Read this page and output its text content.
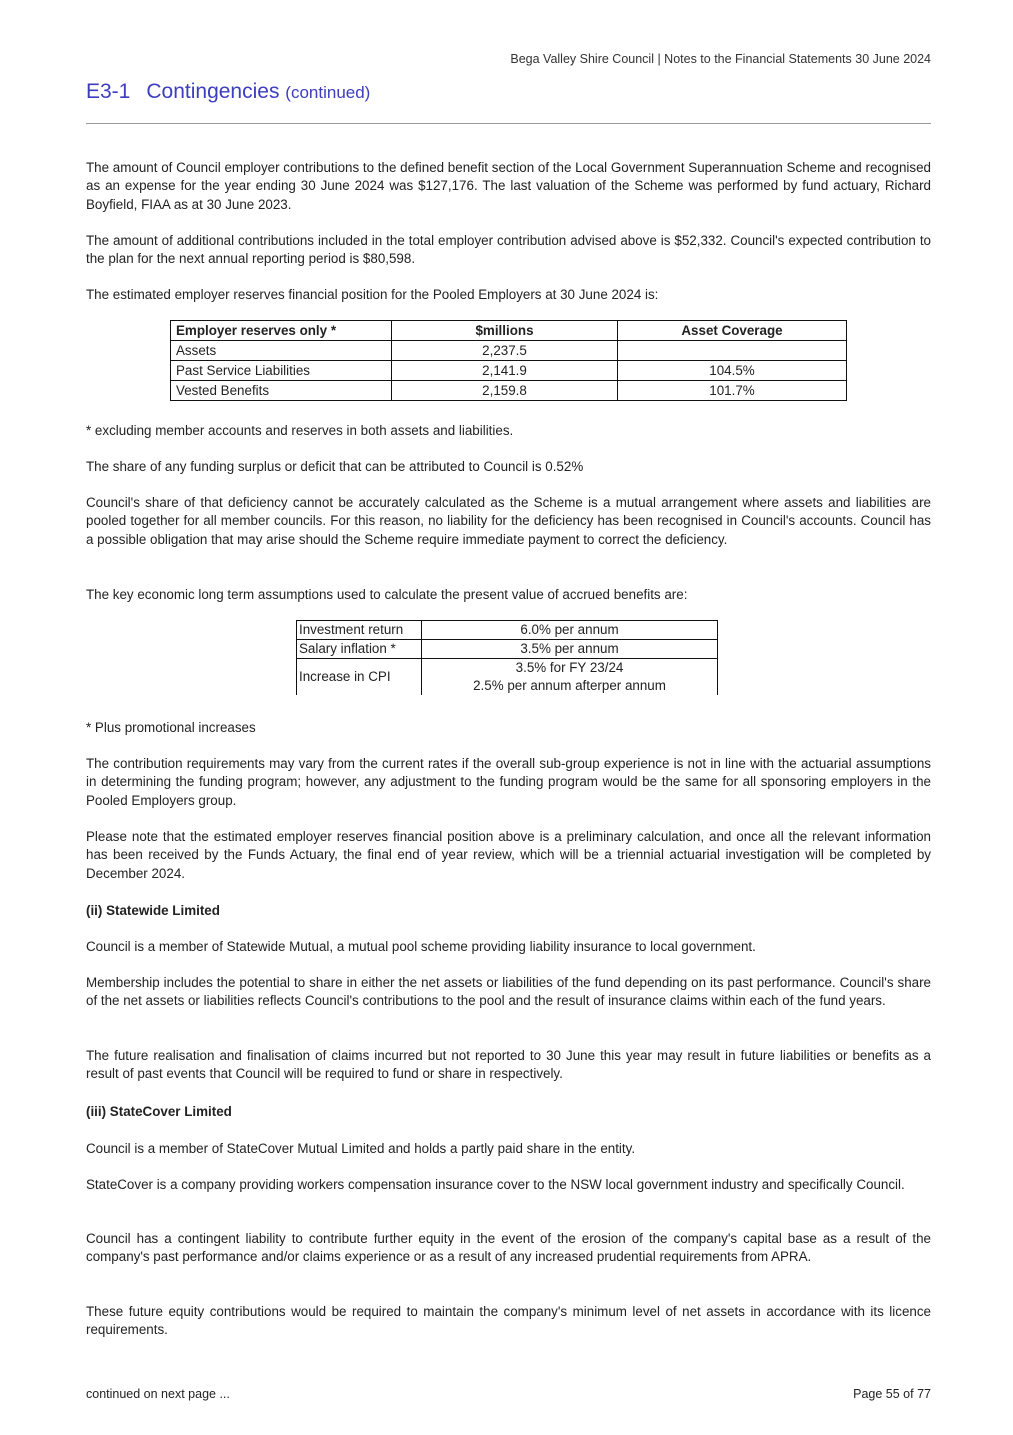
Bega Valley Shire Council | Notes to the Financial Statements 30 June 2024
E3-1 Contingencies (continued)
The amount of Council employer contributions to the defined benefit section of the Local Government Superannuation Scheme and recognised as an expense for the year ending 30 June 2024 was $127,176. The last valuation of the Scheme was performed by fund actuary, Richard Boyfield, FIAA as at 30 June 2023.
The amount of additional contributions included in the total employer contribution advised above is $52,332. Council's expected contribution to the plan for the next annual reporting period is $80,598.
The estimated employer reserves financial position for the Pooled Employers at 30 June 2024 is:
Employer reserves only *	$millions	Asset Coverage
Assets	2,237.5	
Past Service Liabilities	2,141.9	104.5%
Vested Benefits	2,159.8	101.7%
* excluding member accounts and reserves in both assets and liabilities.
The share of any funding surplus or deficit that can be attributed to Council is 0.52%
Council's share of that deficiency cannot be accurately calculated as the Scheme is a mutual arrangement where assets and liabilities are pooled together for all member councils. For this reason, no liability for the deficiency has been recognised in Council's accounts. Council has a possible obligation that may arise should the Scheme require immediate payment to correct the deficiency.
The key economic long term assumptions used to calculate the present value of accrued benefits are:
Investment return	6.0% per annum
Salary inflation *	3.5% per annum
Increase in CPI	3.5% for FY 23/24
2.5% per annum afterper annum
* Plus promotional increases
The contribution requirements may vary from the current rates if the overall sub-group experience is not in line with the actuarial assumptions in determining the funding program; however, any adjustment to the funding program would be the same for all sponsoring employers in the Pooled Employers group.
Please note that the estimated employer reserves financial position above is a preliminary calculation, and once all the relevant information has been received by the Funds Actuary, the final end of year review, which will be a triennial actuarial investigation will be completed by December 2024.
(ii) Statewide Limited
Council is a member of Statewide Mutual, a mutual pool scheme providing liability insurance to local government.
Membership includes the potential to share in either the net assets or liabilities of the fund depending on its past performance. Council's share of the net assets or liabilities reflects Council's contributions to the pool and the result of insurance claims within each of the fund years.
The future realisation and finalisation of claims incurred but not reported to 30 June this year may result in future liabilities or benefits as a result of past events that Council will be required to fund or share in respectively.
(iii) StateCover Limited
Council is a member of StateCover Mutual Limited and holds a partly paid share in the entity.
StateCover is a company providing workers compensation insurance cover to the NSW local government industry and specifically Council.
Council has a contingent liability to contribute further equity in the event of the erosion of the company's capital base as a result of the company's past performance and/or claims experience or as a result of any increased prudential requirements from APRA.
These future equity contributions would be required to maintain the company's minimum level of net assets in accordance with its licence requirements.
continued on next page ...	Page 55 of 77
